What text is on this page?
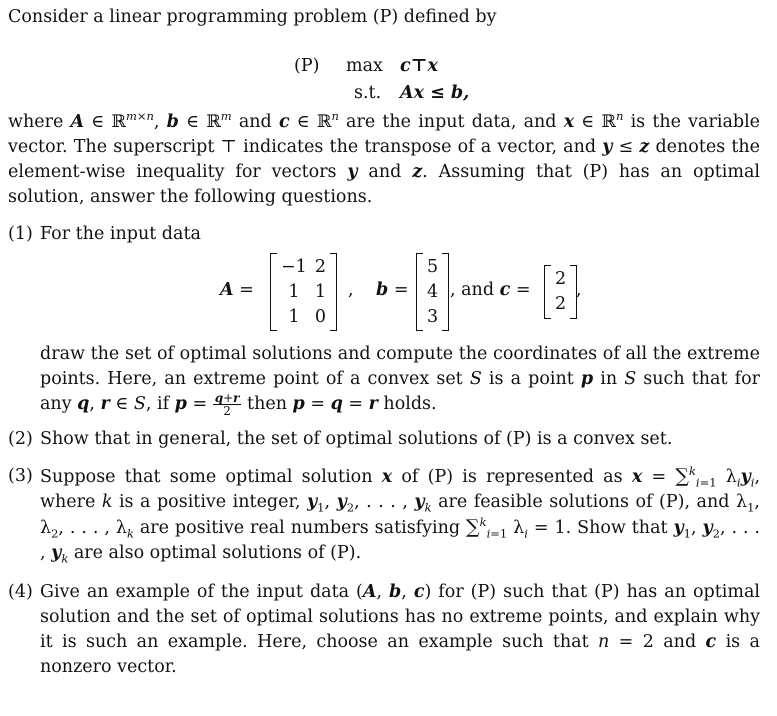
Consider a linear programming problem (P) defined by

(P) max
s.t.
c⊤x
Ax ≤ b,

where A ∈ ℝ$^{m\times n}$, b ∈ ℝ$^m$ and c ∈ ℝ$^n$ are the input data, and x ∈ ℝ$^n$ is the variable vector. The superscript ⊤ indicates the transpose of a vector, and y ≤ z denotes the element-wise inequality for vectors y and z. Assuming that (P) has an optimal solution, answer the following questions.

(1) For the input data

A =
−1 2
1 1
1 0
, b =
5
4
3
, and c =
2
2
,

draw the set of optimal solutions and compute the coordinates of all the extreme points. Here, an extreme point of a convex set S is a point p in S such that for any q, r ∈ S, if $p = \frac{q+r}{2}$ then p = q = r holds.

(2) Show that in general, the set of optimal solutions of (P) is a convex set.

(3) Suppose that some optimal solution x of (P) is represented as x = ∑$^k_{i=1}$ $\lambda_iy_i$, where k is a positive integer, $y_1$, $y_2$, . . . , $y_k$ are feasible solutions of (P), and $\lambda_1$, $\lambda_2$, . . . , $\lambda_k$ are positive real numbers satisfying ∑$^k_{i=1}$ $\lambda_i = 1$. Show that $y_1$, $y_2$, . . . , $y_k$ are also optimal solutions of (P).

(4) Give an example of the input data (A, b, c) for (P) such that (P) has an optimal solution and the set of optimal solutions has no extreme points, and explain why it is such an example. Here, choose an example such that n = 2 and c is a nonzero vector.
